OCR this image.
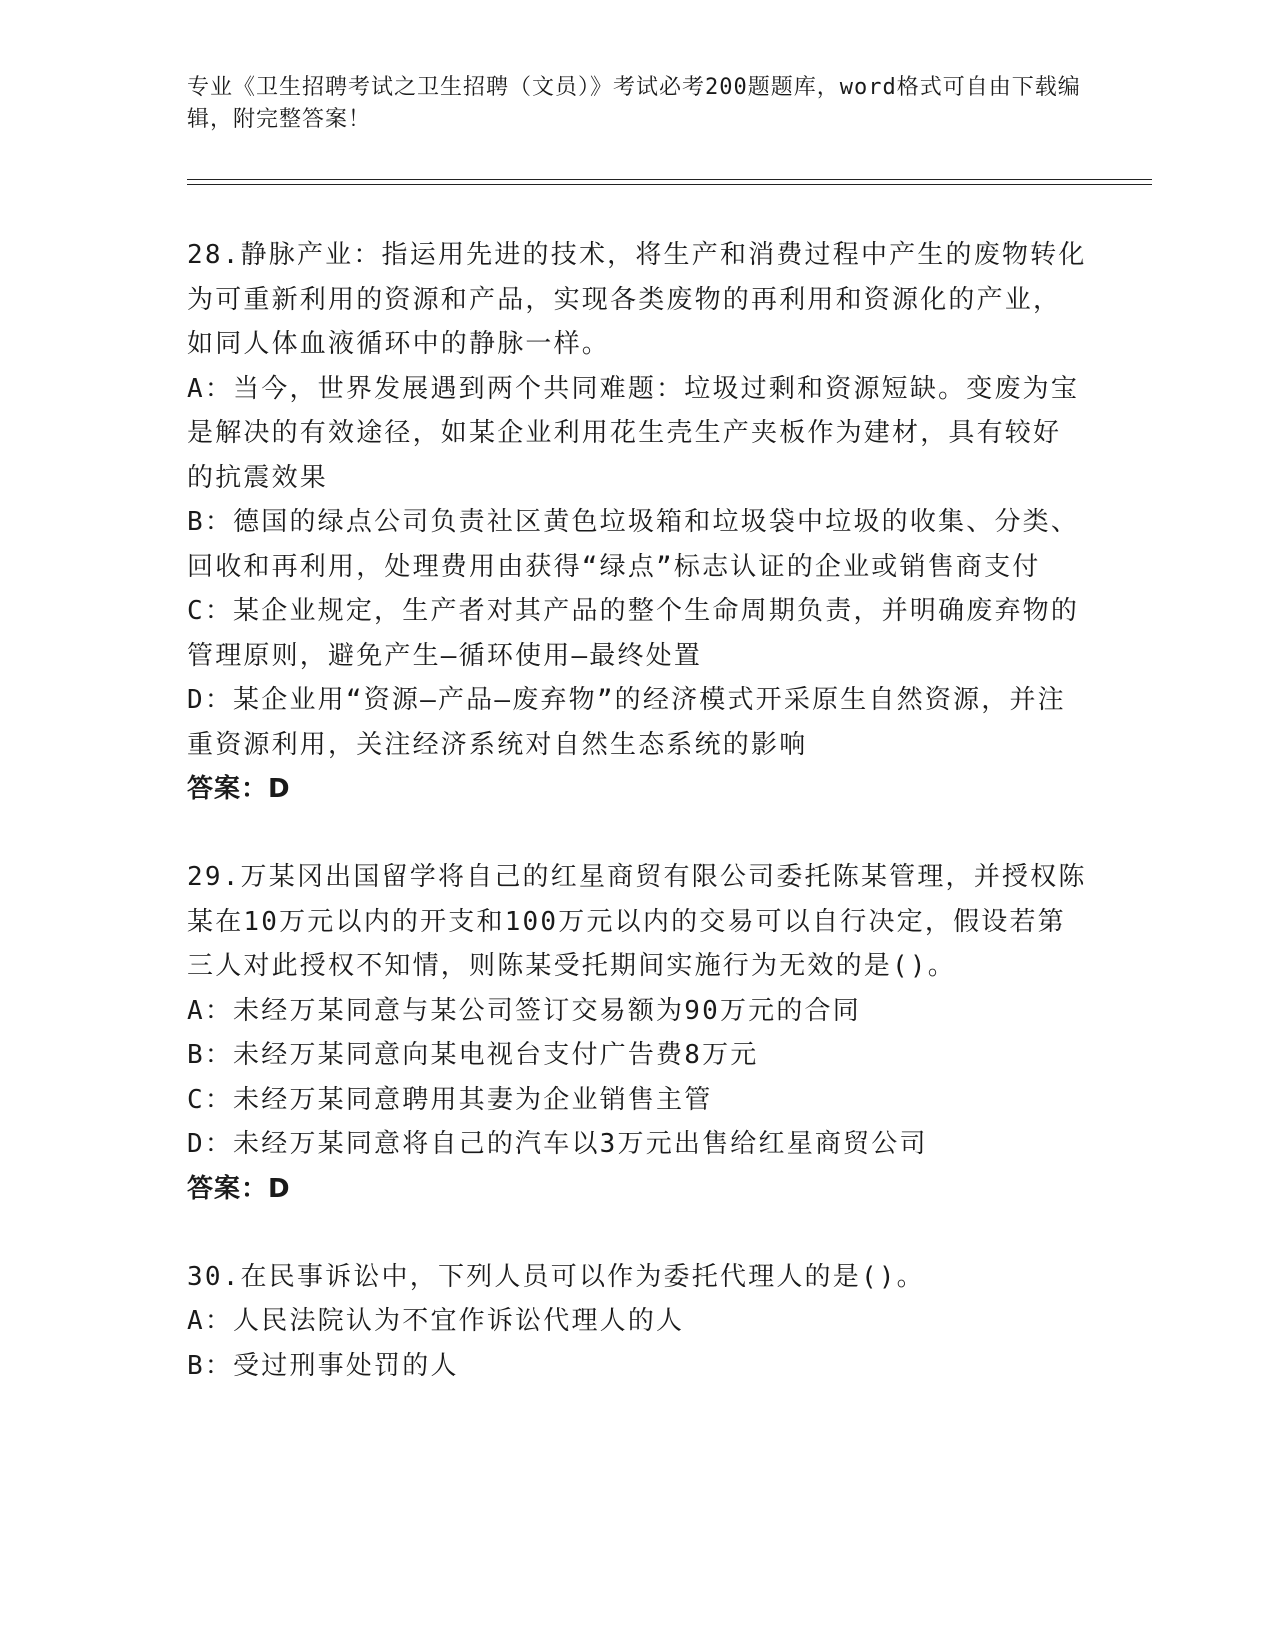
专业《卫生招聘考试之卫生招聘（文员）》考试必考200题题库，word格式可自由下载编辑，附完整答案！

28.静脉产业：指运用先进的技术，将生产和消费过程中产生的废物转化为可重新利用的资源和产品，实现各类废物的再利用和资源化的产业，如同人体血液循环中的静脉一样。

A：当今，世界发展遇到两个共同难题：垃圾过剩和资源短缺。变废为宝是解决的有效途径，如某企业利用花生壳生产夹板作为建材，具有较好的抗震效果

B：德国的绿点公司负责社区黄色垃圾箱和垃圾袋中垃圾的收集、分类、回收和再利用，处理费用由获得“绿点”标志认证的企业或销售商支付

C：某企业规定，生产者对其产品的整个生命周期负责，并明确废弃物的管理原则，避免产生—循环使用—最终处置

D：某企业用“资源—产品—废弃物”的经济模式开采原生自然资源，并注重资源利用，关注经济系统对自然生态系统的影响

答案：D

29.万某冈出国留学将自己的红星商贸有限公司委托陈某管理，并授权陈某在10万元以内的开支和100万元以内的交易可以自行决定，假设若第三人对此授权不知情，则陈某受托期间实施行为无效的是()。

A：未经万某同意与某公司签订交易额为90万元的合同

B：未经万某同意向某电视台支付广告费8万元

C：未经万某同意聘用其妻为企业销售主管

D：未经万某同意将自己的汽车以3万元出售给红星商贸公司

答案：D

30.在民事诉讼中，下列人员可以作为委托代理人的是()。

A：人民法院认为不宜作诉讼代理人的人

B：受过刑事处罚的人
